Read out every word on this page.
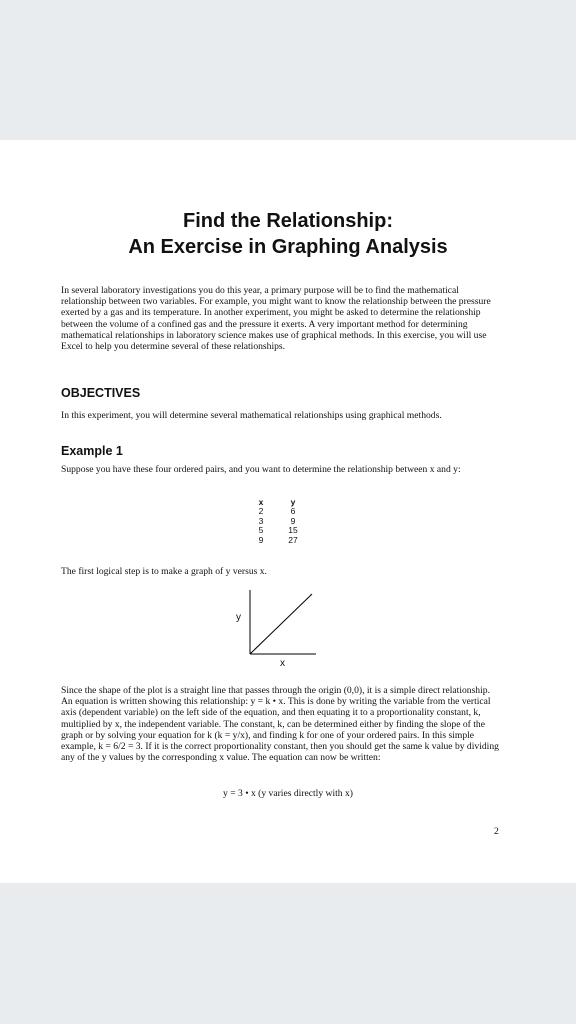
Find the Relationship:
An Exercise in Graphing Analysis
In several laboratory investigations you do this year, a primary purpose will be to find the mathematical relationship between two variables. For example, you might want to know the relationship between the pressure exerted by a gas and its temperature. In another experiment, you might be asked to determine the relationship between the volume of a confined gas and the pressure it exerts. A very important method for determining mathematical relationships in laboratory science makes use of graphical methods. In this exercise, you will use Excel to help you determine several of these relationships.
OBJECTIVES
In this experiment, you will determine several mathematical relationships using graphical methods.
Example 1
Suppose you have these four ordered pairs, and you want to determine the relationship between x and y:
x	y
2	6
3	9
5	15
9	27
The first logical step is to make a graph of y versus x.
y
x
Since the shape of the plot is a straight line that passes through the origin (0,0), it is a simple direct relationship. An equation is written showing this relationship: y = k • x. This is done by writing the variable from the vertical axis (dependent variable) on the left side of the equation, and then equating it to a proportionality constant, k, multiplied by x, the independent variable. The constant, k, can be determined either by finding the slope of the graph or by solving your equation for k (k = y/x), and finding k for one of your ordered pairs. In this simple example, k = 6/2 = 3. If it is the correct proportionality constant, then you should get the same k value by dividing any of the y values by the corresponding x value. The equation can now be written:
y = 3 • x (y varies directly with x)
2
